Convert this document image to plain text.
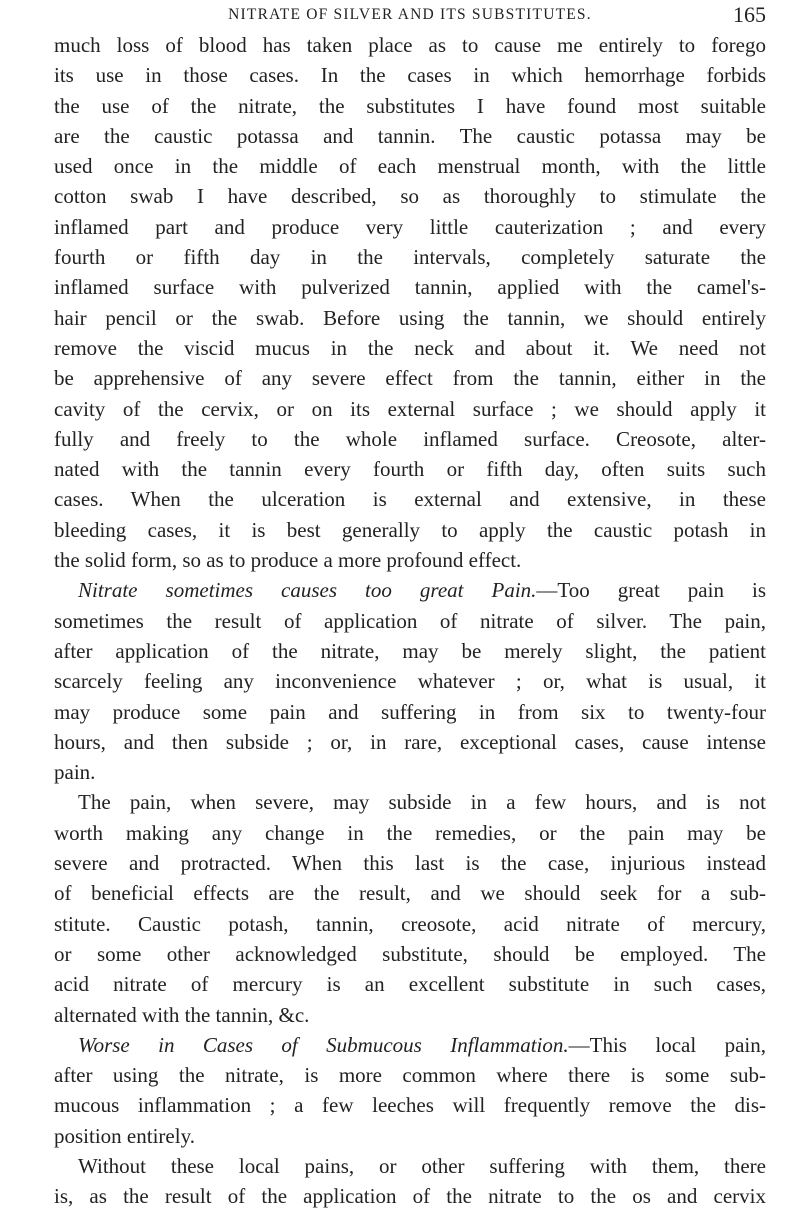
NITRATE OF SILVER AND ITS SUBSTITUTES.	165
much loss of blood has taken place as to cause me entirely to forego
its use in those cases. In the cases in which hemorrhage forbids
the use of the nitrate, the substitutes I have found most suitable
are the caustic potassa and tannin. The caustic potassa may be
used once in the middle of each menstrual month, with the little
cotton swab I have described, so as thoroughly to stimulate the
inflamed part and produce very little cauterization ; and every
fourth or fifth day in the intervals, completely saturate the
inflamed surface with pulverized tannin, applied with the camel's-
hair pencil or the swab. Before using the tannin, we should entirely
remove the viscid mucus in the neck and about it. We need not
be apprehensive of any severe effect from the tannin, either in the
cavity of the cervix, or on its external surface ; we should apply it
fully and freely to the whole inflamed surface. Creosote, alter-
nated with the tannin every fourth or fifth day, often suits such
cases. When the ulceration is external and extensive, in these
bleeding cases, it is best generally to apply the caustic potash in
the solid form, so as to produce a more profound effect.
Nitrate sometimes causes too great Pain.—Too great pain is
sometimes the result of application of nitrate of silver. The pain,
after application of the nitrate, may be merely slight, the patient
scarcely feeling any inconvenience whatever ; or, what is usual, it
may produce some pain and suffering in from six to twenty-four
hours, and then subside ; or, in rare, exceptional cases, cause intense
pain.
The pain, when severe, may subside in a few hours, and is not
worth making any change in the remedies, or the pain may be
severe and protracted. When this last is the case, injurious instead
of beneficial effects are the result, and we should seek for a sub-
stitute. Caustic potash, tannin, creosote, acid nitrate of mercury,
or some other acknowledged substitute, should be employed. The
acid nitrate of mercury is an excellent substitute in such cases,
alternated with the tannin, &c.
Worse in Cases of Submucous Inflammation.—This local pain,
after using the nitrate, is more common where there is some sub-
mucous inflammation ; a few leeches will frequently remove the dis-
position entirely.
Without these local pains, or other suffering with them, there
is, as the result of the application of the nitrate to the os and cervix
